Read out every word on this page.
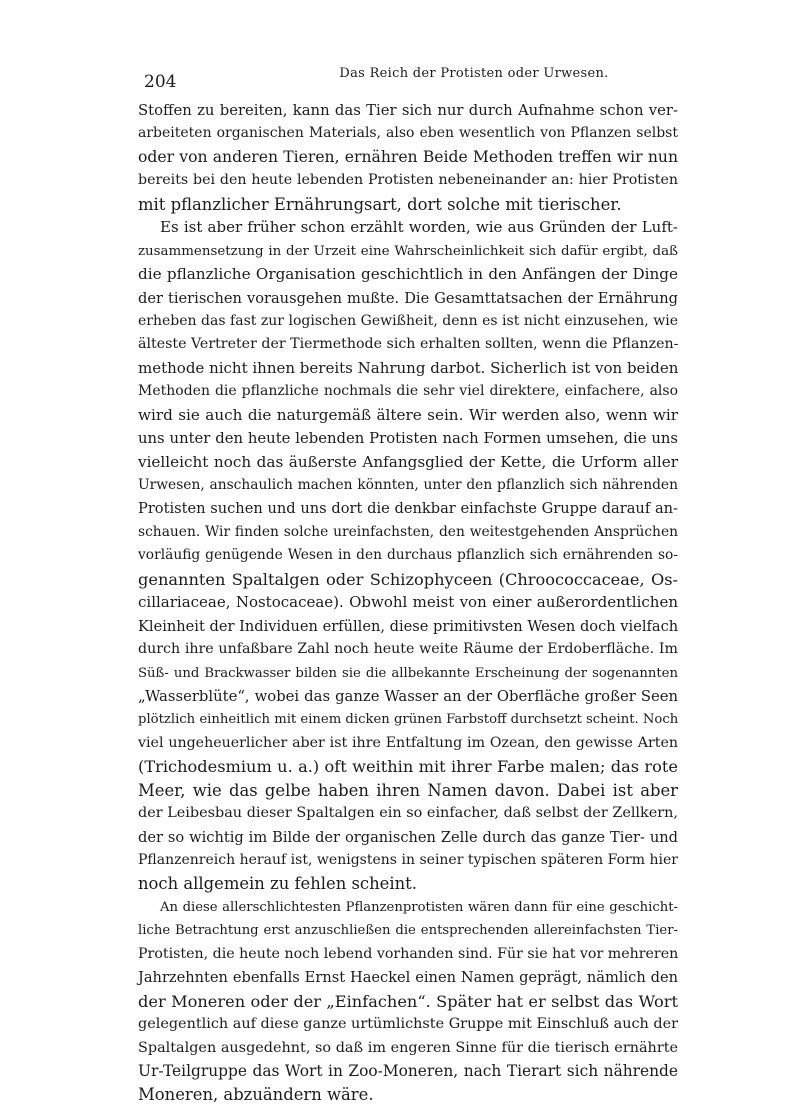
204	Das Reich der Protisten oder Urwesen.
Stoffen zu bereiten, kann das Tier sich nur durch Aufnahme schon ver-
arbeiteten organischen Materials, also eben wesentlich von Pflanzen selbst
oder von anderen Tieren, ernähren Beide Methoden treffen wir nun
bereits bei den heute lebenden Protisten nebeneinander an: hier Protisten
mit pflanzlicher Ernährungsart, dort solche mit tierischer.
Es ist aber früher schon erzählt worden, wie aus Gründen der Luft-
zusammensetzung in der Urzeit eine Wahrscheinlichkeit sich dafür ergibt, daß
die pflanzliche Organisation geschichtlich in den Anfängen der Dinge
der tierischen vorausgehen mußte. Die Gesamttatsachen der Ernährung
erheben das fast zur logischen Gewißheit, denn es ist nicht einzusehen, wie
älteste Vertreter der Tiermethode sich erhalten sollten, wenn die Pflanzen-
methode nicht ihnen bereits Nahrung darbot. Sicherlich ist von beiden
Methoden die pflanzliche nochmals die sehr viel direktere, einfachere, also
wird sie auch die naturgemäß ältere sein. Wir werden also, wenn wir
uns unter den heute lebenden Protisten nach Formen umsehen, die uns
vielleicht noch das äußerste Anfangsglied der Kette, die Urform aller
Urwesen, anschaulich machen könnten, unter den pflanzlich sich nährenden
Protisten suchen und uns dort die denkbar einfachste Gruppe darauf an-
schauen. Wir finden solche ureinfachsten, den weitestgehenden Ansprüchen
vorläufig genügende Wesen in den durchaus pflanzlich sich ernährenden so-
genannten Spaltalgen oder Schizophyceen (Chroococcaceae, Os-
cillariaceae, Nostocaceae). Obwohl meist von einer außerordentlichen
Kleinheit der Individuen erfüllen, diese primitivsten Wesen doch vielfach
durch ihre unfaßbare Zahl noch heute weite Räume der Erdoberfläche. Im
Süß- und Brackwasser bilden sie die allbekannte Erscheinung der sogenannten
„Wasserblüte“, wobei das ganze Wasser an der Oberfläche großer Seen
plötzlich einheitlich mit einem dicken grünen Farbstoff durchsetzt scheint. Noch
viel ungeheuerlicher aber ist ihre Entfaltung im Ozean, den gewisse Arten
(Trichodesmium u. a.) oft weithin mit ihrer Farbe malen; das rote
Meer, wie das gelbe haben ihren Namen davon. Dabei ist aber
der Leibesbau dieser Spaltalgen ein so einfacher, daß selbst der Zellkern,
der so wichtig im Bilde der organischen Zelle durch das ganze Tier- und
Pflanzenreich herauf ist, wenigstens in seiner typischen späteren Form hier
noch allgemein zu fehlen scheint.
An diese allerschlichtesten Pflanzenprotisten wären dann für eine geschicht-
liche Betrachtung erst anzuschließen die entsprechenden allereinfachsten Tier-
Protisten, die heute noch lebend vorhanden sind. Für sie hat vor mehreren
Jahrzehnten ebenfalls Ernst Haeckel einen Namen geprägt, nämlich den
der Moneren oder der „Einfachen“. Später hat er selbst das Wort
gelegentlich auf diese ganze urtümlichste Gruppe mit Einschluß auch der
Spaltalgen ausgedehnt, so daß im engeren Sinne für die tierisch ernährte
Ur-Teilgruppe das Wort in Zoo-Moneren, nach Tierart sich nährende
Moneren, abzuändern wäre.
